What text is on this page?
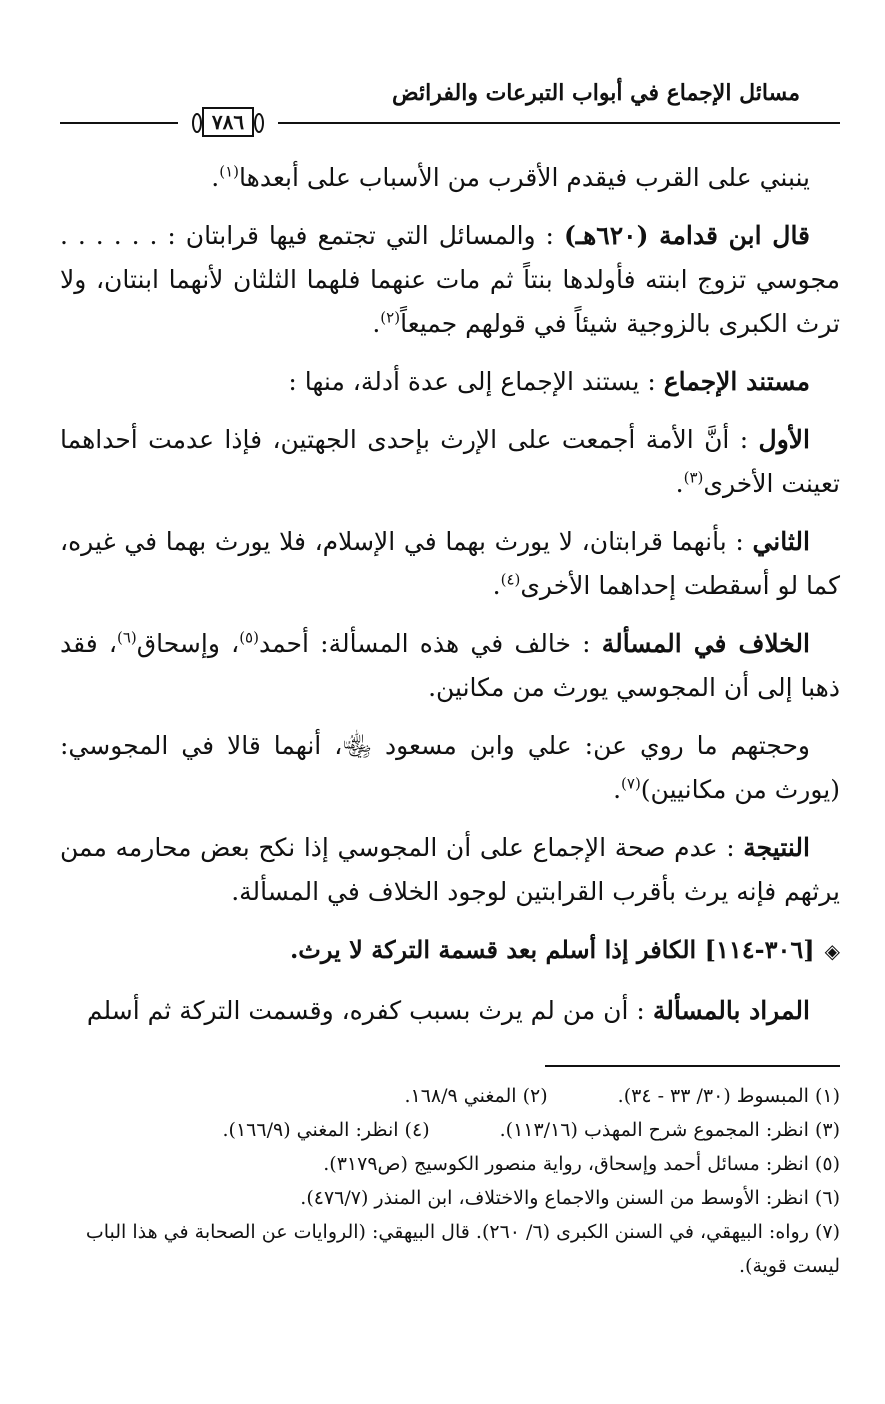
مسائل الإجماع في أبواب التبرعات والفرائض
٧٨٦

ينبني على القرب فيقدم الأقرب من الأسباب على أبعدها$^{(١)}$.

قال ابن قدامة (٦٢٠هـ) : والمسائل التي تجتمع فيها قرابتان : . . . . . . مجوسي تزوج ابنته فأولدها بنتاً ثم مات عنهما فلهما الثلثان لأنهما ابنتان، ولا ترث الكبرى بالزوجية شيئاً في قولهم جميعاً$^{(٢)}$.

مستند الإجماع : يستند الإجماع إلى عدة أدلة، منها :

الأول : أنَّ الأمة أجمعت على الإرث بإحدى الجهتين، فإذا عدمت أحداهما تعينت الأخرى$^{(٣)}$.

الثاني : بأنهما قرابتان، لا يورث بهما في الإسلام، فلا يورث بهما في غيره، كما لو أسقطت إحداهما الأخرى$^{(٤)}$.

الخلاف في المسألة : خالف في هذه المسألة: أحمد$^{(٥)}$، وإسحاق$^{(٦)}$، فقد ذهبا إلى أن المجوسي يورث من مكانين.

وحجتهم ما روي عن: علي وابن مسعود ﵄، أنهما قالا في المجوسي: (يورث من مكانيين)$^{(٧)}$.

النتيجة : عدم صحة الإجماع على أن المجوسي إذا نكح بعض محارمه ممن يرثهم فإنه يرث بأقرب القرابتين لوجود الخلاف في المسألة.

◈[٣٠٦-١١٤] الكافر إذا أسلم بعد قسمة التركة لا يرث.

المراد بالمسألة : أن من لم يرث بسبب كفره، وقسمت التركة ثم أسلم

(١) المبسوط (٣٠/ ٣٣ - ٣٤).
(٢) المغني ١٦٨/٩.
(٣) انظر: المجموع شرح المهذب (١١٣/١٦).
(٤) انظر: المغني (١٦٦/٩).
(٥) انظر: مسائل أحمد وإسحاق، رواية منصور الكوسيج (ص٣١٧٩).
(٦) انظر: الأوسط من السنن والاجماع والاختلاف، ابن المنذر (٤٧٦/٧).
(٧) رواه: البيهقي، في السنن الكبرى (٦/ ٢٦٠). قال البيهقي: (الروايات عن الصحابة في هذا الباب ليست قوية).
